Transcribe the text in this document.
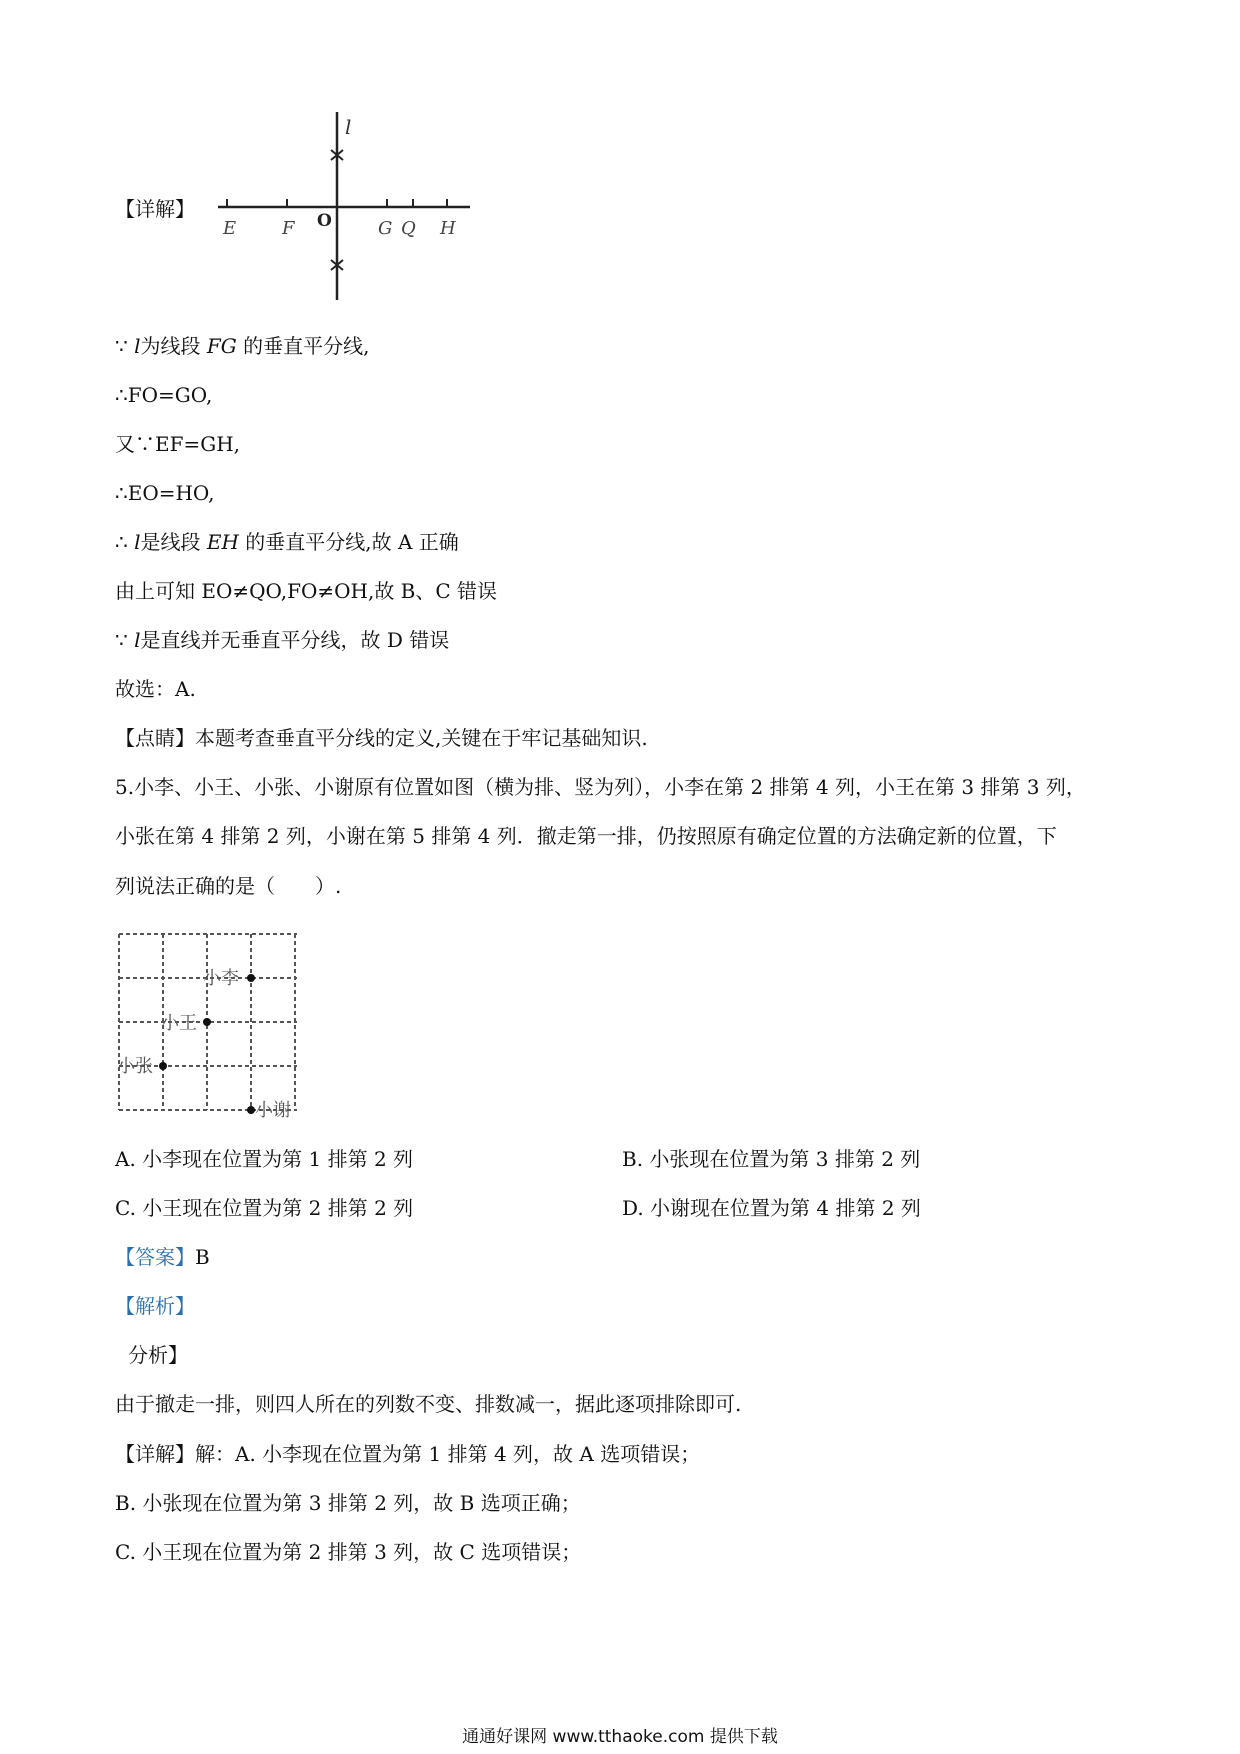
【详解】
l
E	F O	G Q H
∵ l为线段 FG 的垂直平分线,
∴FO=GO,
又∵EF=GH,
∴EO=HO,
∴ l是线段 EH 的垂直平分线,故 A 正确
由上可知 EO≠QO,FO≠OH,故 B、C 错误
∵ l是直线并无垂直平分线，故 D 错误
故选：A.
【点睛】本题考查垂直平分线的定义,关键在于牢记基础知识.
5.小李、小王、小张、小谢原有位置如图（横为排、竖为列），小李在第 2 排第 4 列，小王在第 3 排第 3 列，
小张在第 4 排第 2 列，小谢在第 5 排第 4 列．撤走第一排，仍按照原有确定位置的方法确定新的位置，下
列说法正确的是（　　）.
小李
小王
小张
小谢
A. 小李现在位置为第 1 排第 2 列	B. 小张现在位置为第 3 排第 2 列
C. 小王现在位置为第 2 排第 2 列	D. 小谢现在位置为第 4 排第 2 列
【答案】B
【解析】
分析】
由于撤走一排，则四人所在的列数不变、排数减一，据此逐项排除即可.
【详解】解：A. 小李现在位置为第 1 排第 4 列，故 A 选项错误；
B. 小张现在位置为第 3 排第 2 列，故 B 选项正确；
C. 小王现在位置为第 2 排第 3 列，故 C 选项错误；
通通好课网 www.tthaoke.com 提供下载
